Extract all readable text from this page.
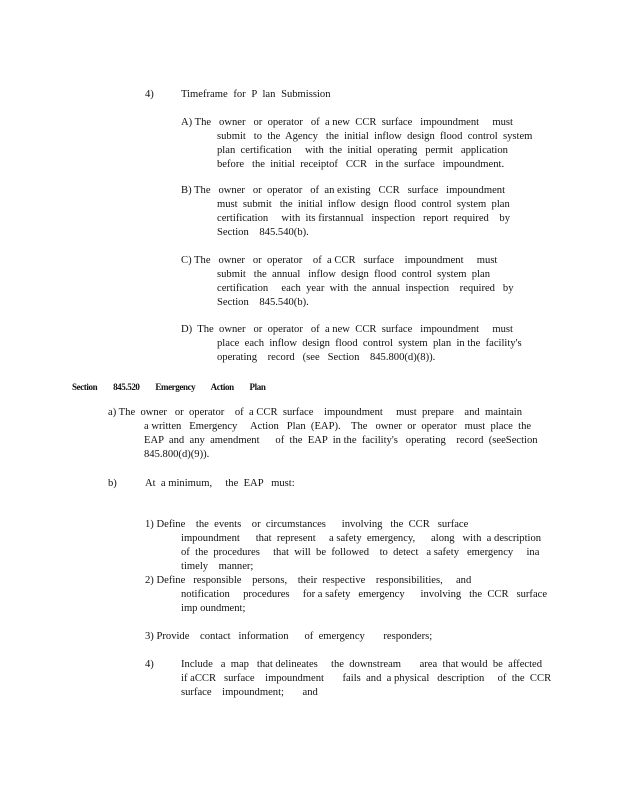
4)	Timeframe for P lan Submission
A) The   owner   or  operator   of  a new  CCR  surface   impoundment     must
submit   to  the  Agency   the  initial  inflow  design  flood  control  system
plan  certification     with  the  initial  operating   permit   application
before   the  initial  receiptof   CCR   in the  surface   impoundment.
B) The   owner   or  operator   of  an existing   CCR   surface   impoundment
must  submit   the  initial  inflow  design  flood  control  system  plan
certification     with  its firstannual   inspection   report  required    by
Section    845.540(b).
C) The   owner   or  operator    of  a CCR   surface    impoundment     must
submit   the  annual   inflow  design  flood  control  system  plan
certification     each  year  with  the  annual  inspection    required   by
Section    845.540(b).
D)  The  owner   or  operator   of  a new  CCR  surface   impoundment     must
place  each  inflow  design  flood  control  system  plan  in the  facility's
operating    record   (see   Section    845.800(d)(8)).
Section 845.520 Emergency Action Plan
a) The  owner   or  operator    of  a CCR  surface    impoundment     must  prepare    and  maintain
a written   Emergency     Action   Plan  (EAP).    The   owner  or  operator   must  place  the
EAP  and  any  amendment      of  the  EAP  in the  facility's   operating    record  (seeSection
845.800(d)(9)).
b)	At  a minimum,     the  EAP   must:
1) Define    the  events    or  circumstances      involving   the  CCR   surface
impoundment      that  represent     a safety  emergency,      along   with  a description
of  the  procedures     that  will  be  followed    to  detect   a safety   emergency     ina
timely    manner;
2) Define   responsible    persons,    their  respective    responsibilities,     and
notification     procedures     for a safety   emergency      involving   the  CCR   surface
imp oundment;
3) Provide    contact   information      of  emergency       responders;
4)	Include   a  map   that delineates     the  downstream       area  that would  be  affected
if aCCR   surface    impoundment       fails  and  a physical   description     of  the  CCR
surface    impoundment;       and
